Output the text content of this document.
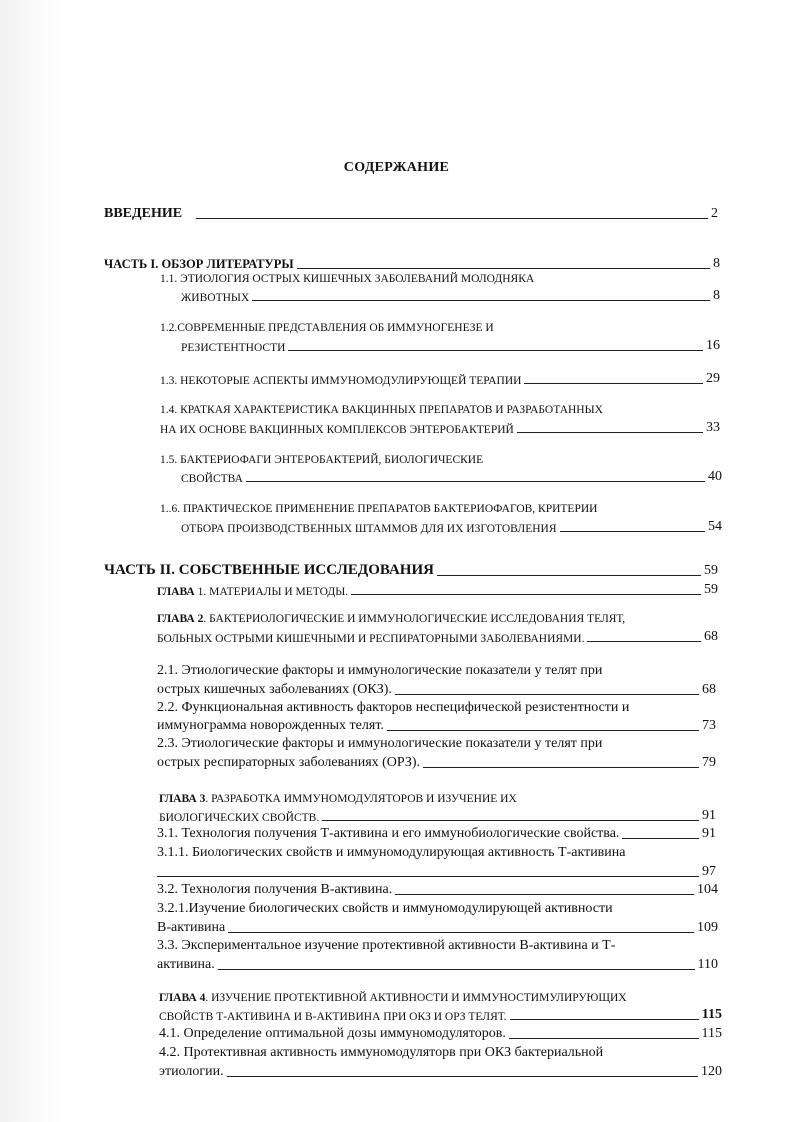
СОДЕРЖАНИЕ
ВВЕДЕНИЕ	2
ЧАСТЬ I. ОБЗОР ЛИТЕРАТУРЫ	8
1.1. ЭТИОЛОГИЯ ОСТРЫХ КИШЕЧНЫХ ЗАБОЛЕВАНИЙ МОЛОДНЯКА
ЖИВОТНЫХ	8
1.2.СОВРЕМЕННЫЕ ПРЕДСТАВЛЕНИЯ ОБ ИММУНОГЕНЕЗЕ И
РЕЗИСТЕНТНОСТИ	16
1.3. НЕКОТОРЫЕ АСПЕКТЫ ИММУНОМОДУЛИРУЮЩЕЙ ТЕРАПИИ	29
1.4. КРАТКАЯ ХАРАКТЕРИСТИКА ВАКЦИННЫХ ПРЕПАРАТОВ И РАЗРАБОТАННЫХ
НА ИХ ОСНОВЕ ВАКЦИННЫХ КОМПЛЕКСОВ ЭНТЕРОБАКТЕРИЙ	33
1.5. БАКТЕРИОФАГИ ЭНТЕРОБАКТЕРИЙ, БИОЛОГИЧЕСКИЕ
СВОЙСТВА	40
1..6. ПРАКТИЧЕСКОЕ ПРИМЕНЕНИЕ ПРЕПАРАТОВ БАКТЕРИОФАГОВ, КРИТЕРИИ
ОТБОРА ПРОИЗВОДСТВЕННЫХ ШТАММОВ ДЛЯ ИХ ИЗГОТОВЛЕНИЯ	54
ЧАСТЬ II. СОБСТВЕННЫЕ ИССЛЕДОВАНИЯ	59
ГЛАВА 1. МАТЕРИАЛЫ И МЕТОДЫ.	59
ГЛАВА 2. БАКТЕРИОЛОГИЧЕСКИЕ И ИММУНОЛОГИЧЕСКИЕ ИССЛЕДОВАНИЯ ТЕЛЯТ,
БОЛЬНЫХ ОСТРЫМИ КИШЕЧНЫМИ И РЕСПИРАТОРНЫМИ ЗАБОЛЕВАНИЯМИ.	68
2.1. Этиологические факторы и иммунологические показатели у телят при
острых кишечных заболеваниях (ОКЗ).	68
2.2. Функциональная активность факторов неспецифической резистентности и
иммунограмма новорожденных телят.	73
2.3. Этиологические факторы и иммунологические показатели у телят при
острых респираторных заболеваниях (ОРЗ).	79
ГЛАВА 3. РАЗРАБОТКА ИММУНОМОДУЛЯТОРОВ И ИЗУЧЕНИЕ ИХ
БИОЛОГИЧЕСКИХ СВОЙСТВ.	91
3.1. Технология получения Т-активина и его иммунобиологические свойства.	91
3.1.1. Биологических свойств и иммуномодулирующая активность Т-активина
97
3.2. Технология получения В-активина.	104
3.2.1.Изучение биологических свойств и иммуномодулирующей активности
В-активина	109
3.3. Экспериментальное изучение протективной активности В-активина и Т-
активина.	110
ГЛАВА 4. ИЗУЧЕНИЕ ПРОТЕКТИВНОЙ АКТИВНОСТИ И ИММУНОСТИМУЛИРУЮЩИХ
СВОЙСТВ Т-АКТИВИНА И В-АКТИВИНА ПРИ ОКЗ И ОРЗ ТЕЛЯТ.	115
4.1. Определение оптимальной дозы иммуномодуляторов.	115
4.2. Протективная активность иммуномодулятоpв при ОКЗ бактериальной
этиологии.	120
